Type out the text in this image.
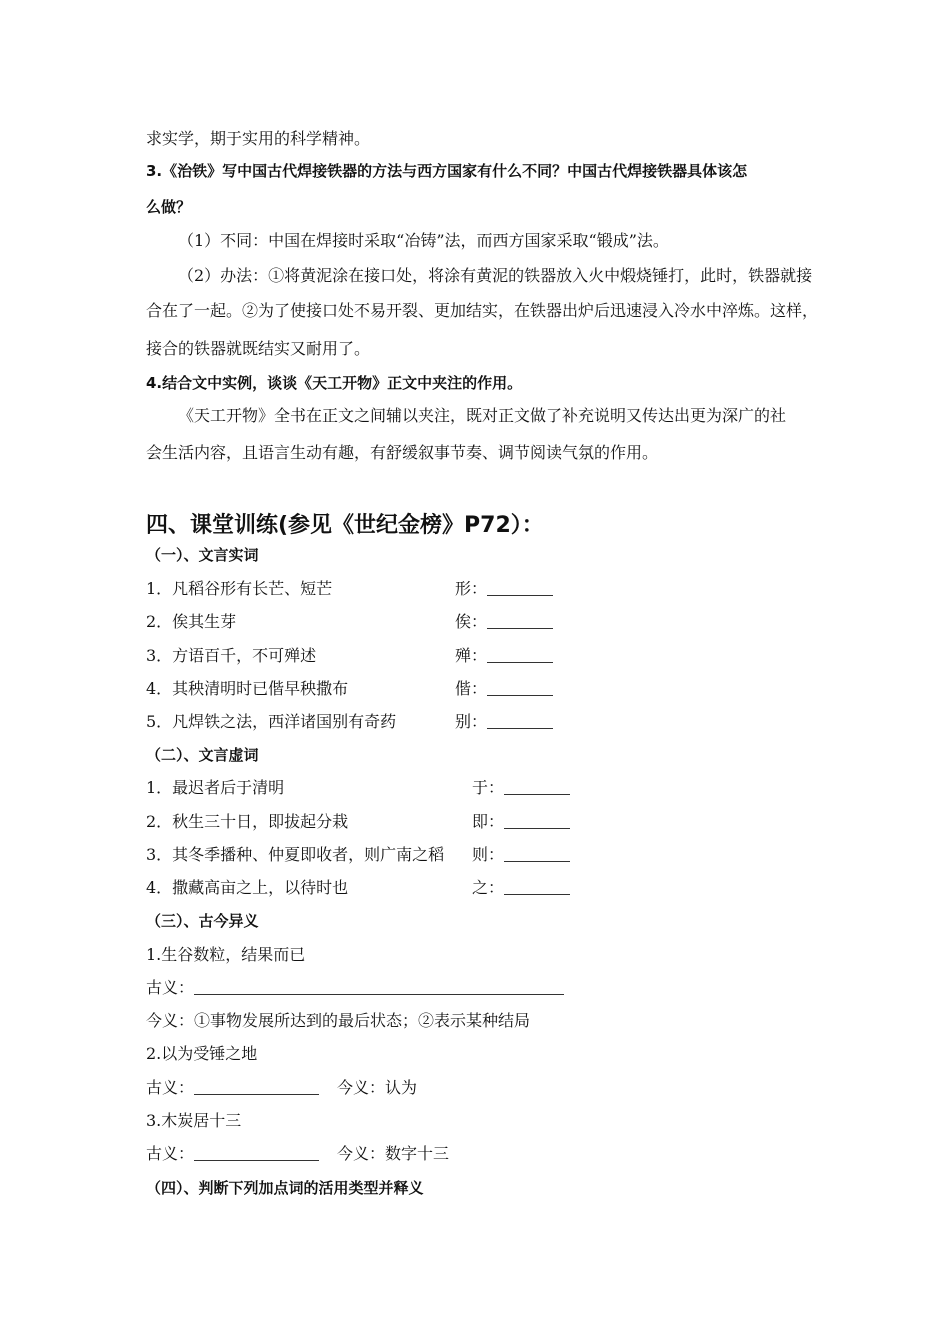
求实学，期于实用的科学精神。
3.《治铁》写中国古代焊接铁器的方法与西方国家有什么不同？中国古代焊接铁器具体该怎
么做？
（1）不同：中国在焊接时采取“冶铸”法，而西方国家采取“锻成”法。
（2）办法：①将黄泥涂在接口处，将涂有黄泥的铁器放入火中煅烧锤打，此时，铁器就接
合在了一起。②为了使接口处不易开裂、更加结实，在铁器出炉后迅速浸入冷水中淬炼。这样，
接合的铁器就既结实又耐用了。
4.结合文中实例，谈谈《天工开物》正文中夹注的作用。
《天工开物》全书在正文之间辅以夹注，既对正文做了补充说明又传达出更为深广的社
会生活内容，且语言生动有趣，有舒缓叙事节奏、调节阅读气氛的作用。
四、课堂训练(参见《世纪金榜》P72）：
（一）、文言实词
1．凡稻谷形有长芒、短芒	形：
2．俟其生芽	俟：
3．方语百千，不可殚述	殚：
4．其秧清明时已偕早秧撒布	偕：
5．凡焊铁之法，西洋诸国别有奇药	别：
（二）、文言虚词
1．最迟者后于清明	于：
2．秋生三十日，即拔起分栽	即：
3．其冬季播种、仲夏即收者，则广南之稻 则：
4．撒藏高亩之上，以待时也	之：
（三）、古今异义
1.生谷数粒，结果而已
古义：
今义：①事物发展所达到的最后状态；②表示某种结局
2.以为受锤之地
古义：	今义：认为
3.木炭居十三
古义：	今义：数字十三
（四）、判断下列加点词的活用类型并释义
